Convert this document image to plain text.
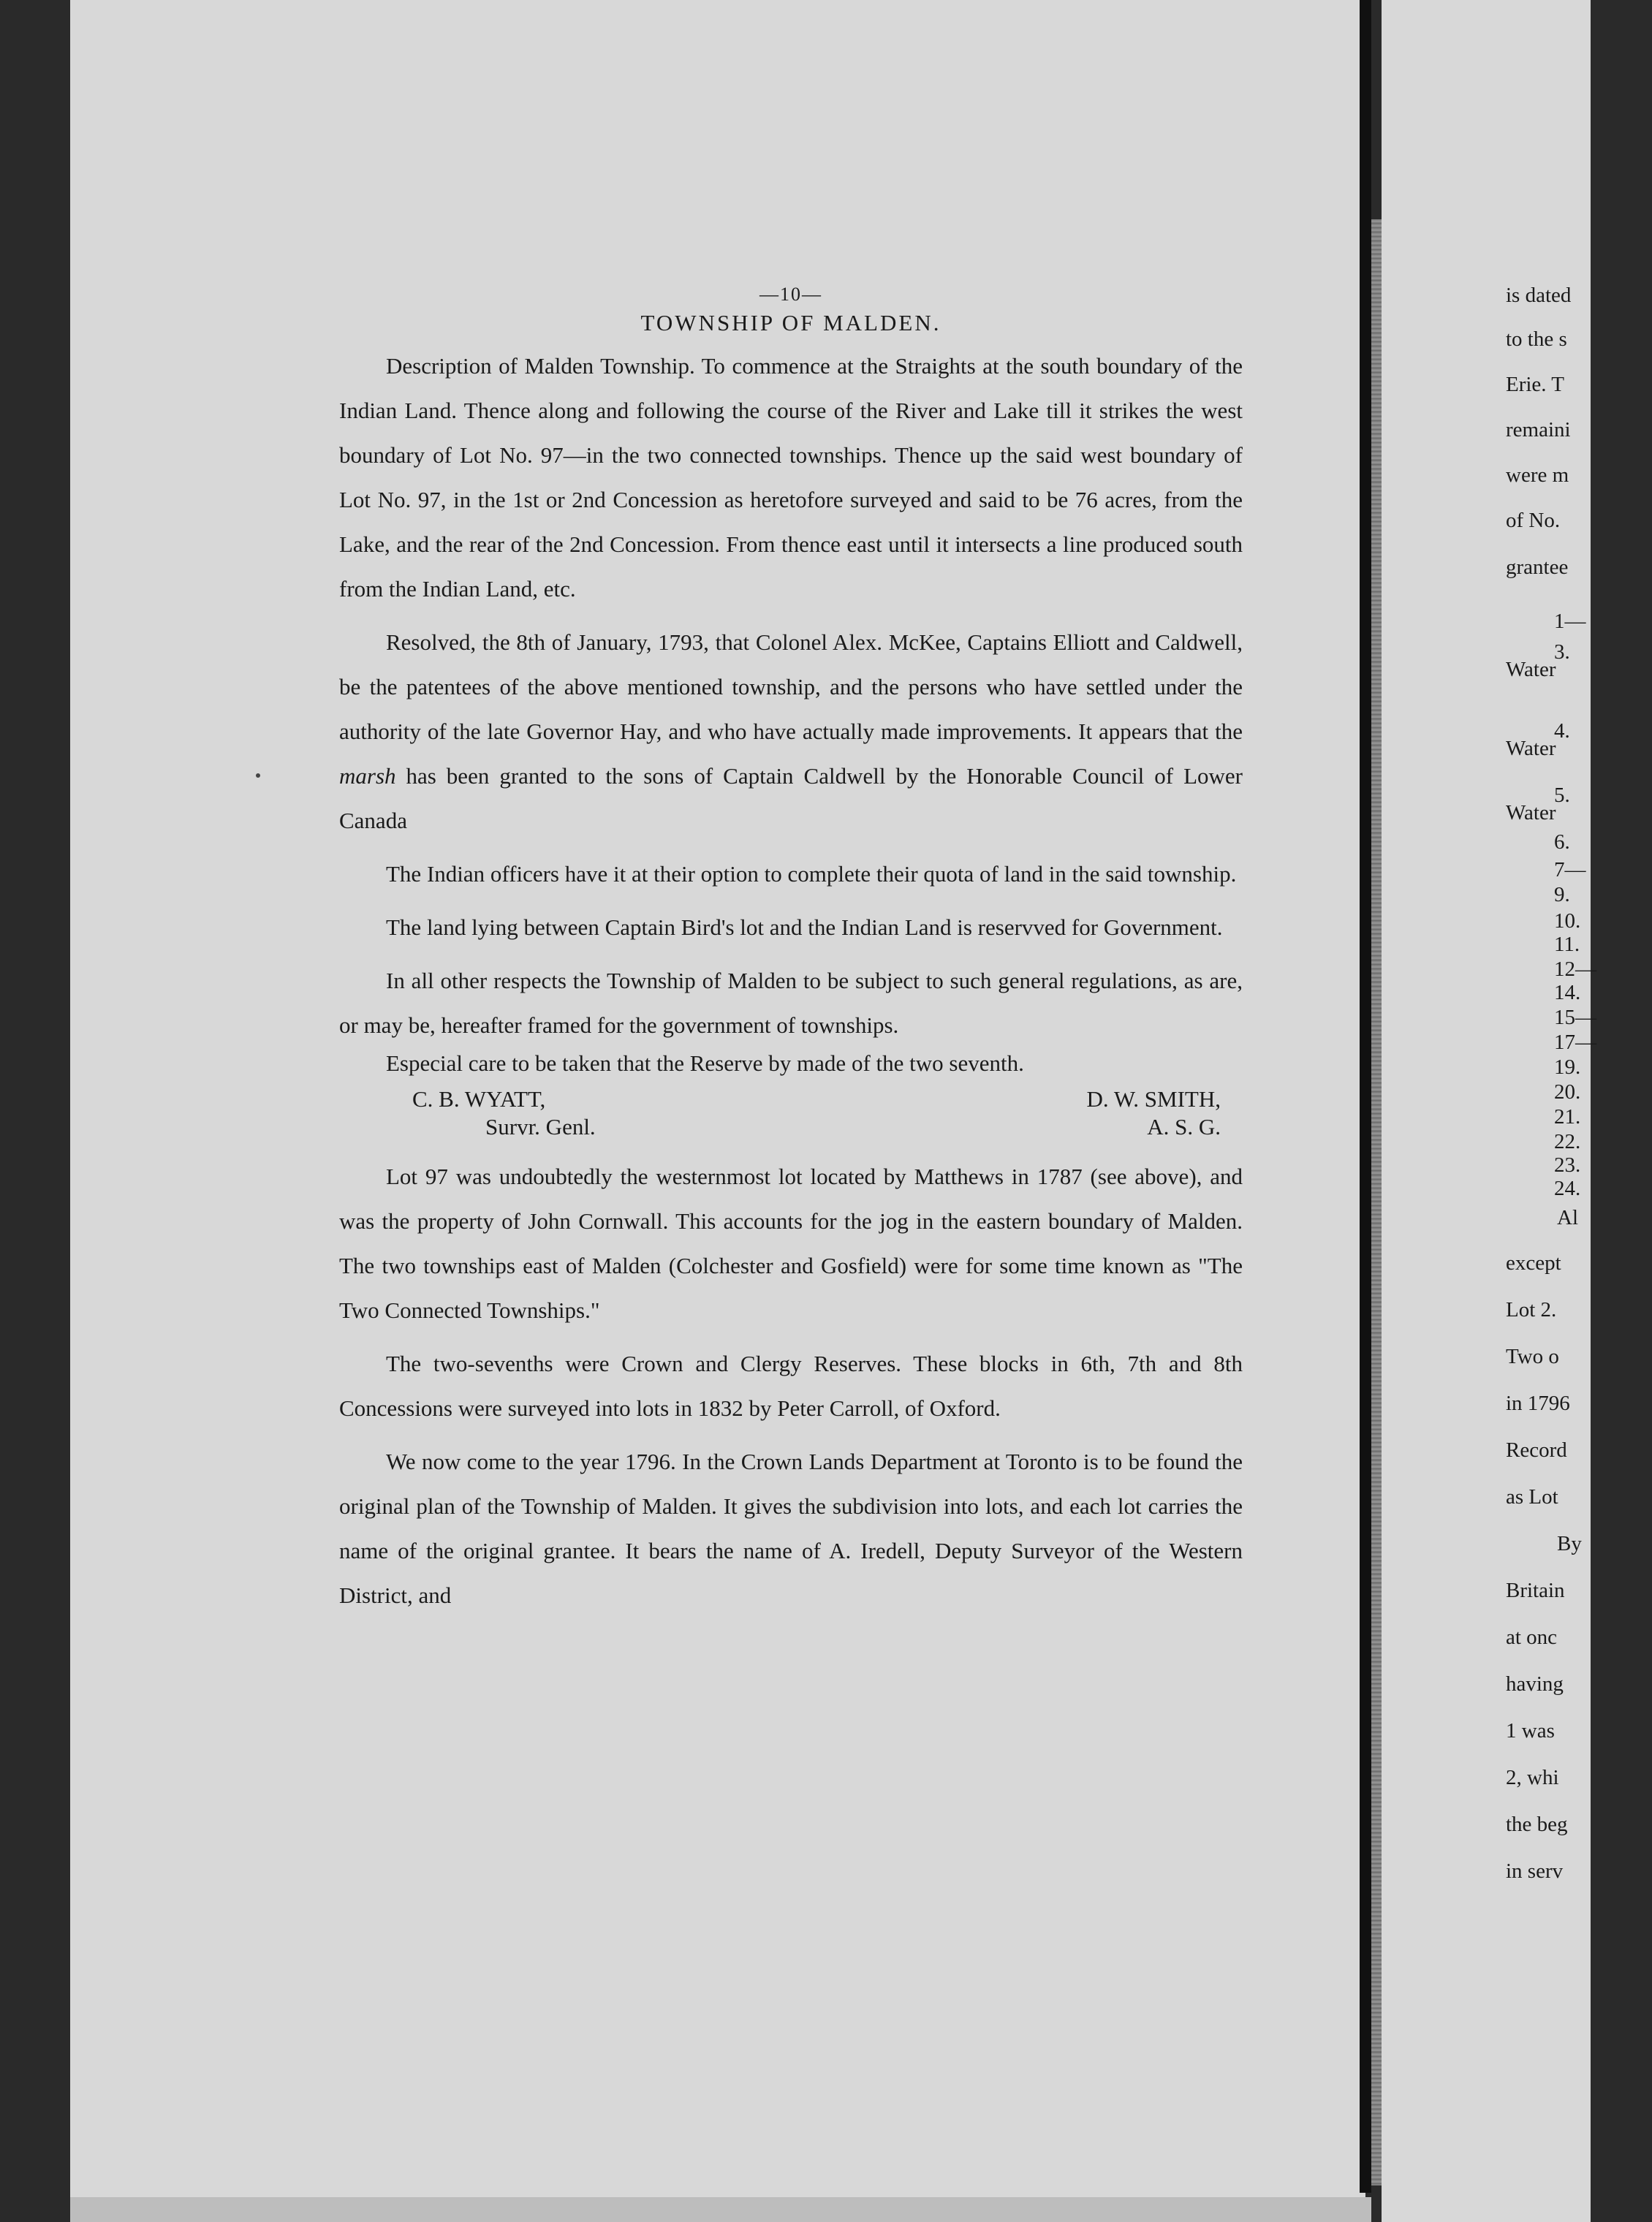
is dated
to the s
Erie. T
remaini
were m
of No.
grantee
1—
3.
Water
4.
Water
5.
Water
6.
7—
9.
10.
11.
12—
14.
15—
17—
19.
20.
21.
22.
23.
24.
Al
except
Lot 2.
Two o
in 1796
Record
as Lot
By
Britain
at onc
having
1 was
2, whi
the beg
in serv
—10—
TOWNSHIP OF MALDEN.

Description of Malden Township. To commence at the Straights at the south boundary of the Indian Land. Thence along and following the course of the River and Lake till it strikes the west boundary of Lot No. 97—in the two connected townships. Thence up the said west boundary of Lot No. 97, in the 1st or 2nd Concession as heretofore surveyed and said to be 76 acres, from the Lake, and the rear of the 2nd Concession. From thence east until it intersects a line produced south from the Indian Land, etc.

Resolved, the 8th of January, 1793, that Colonel Alex. McKee, Captains Elliott and Caldwell, be the patentees of the above mentioned township, and the persons who have settled under the authority of the late Governor Hay, and who have actually made improvements. It appears that the marsh has been granted to the sons of Captain Caldwell by the Honorable Council of Lower Canada

The Indian officers have it at their option to complete their quota of land in the said township.

The land lying between Captain Bird's lot and the Indian Land is reservved for Government.

In all other respects the Township of Malden to be subject to such general regulations, as are, or may be, hereafter framed for the government of townships.

Especial care to be taken that the Reserve by made of the two seventh.

C. B. WYATT,
Survr. Genl.
D. W. SMITH,
A. S. G.

Lot 97 was undoubtedly the westernmost lot located by Matthews in 1787 (see above), and was the property of John Cornwall. This accounts for the jog in the eastern boundary of Malden. The two townships east of Malden (Colchester and Gosfield) were for some time known as "The Two Connected Townships."

The two-sevenths were Crown and Clergy Reserves. These blocks in 6th, 7th and 8th Concessions were surveyed into lots in 1832 by Peter Carroll, of Oxford.

We now come to the year 1796. In the Crown Lands Department at Toronto is to be found the original plan of the Township of Malden. It gives the subdivision into lots, and each lot carries the name of the original grantee. It bears the name of A. Iredell, Deputy Surveyor of the Western District, and
